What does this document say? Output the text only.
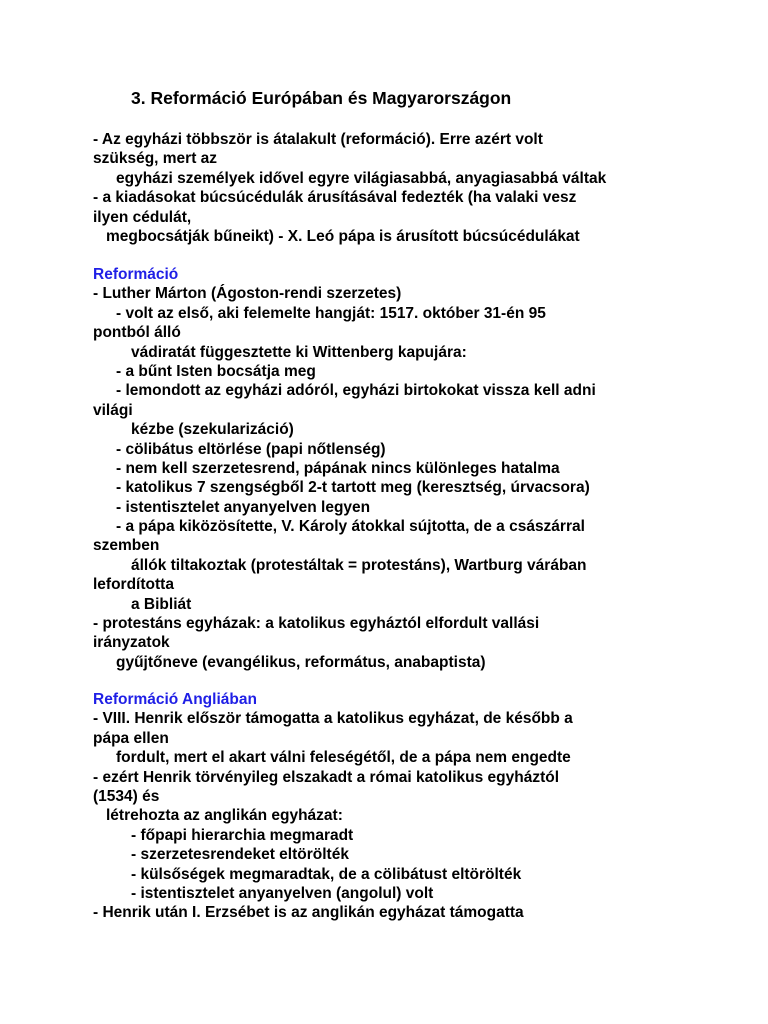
3. Reformáció Európában és Magyarországon
- Az egyházi többször is átalakult (reformáció). Erre azért volt
szükség, mert az
egyházi személyek idővel egyre világiasabbá, anyagiasabbá váltak
- a kiadásokat búcsúcédulák árusításával fedezték (ha valaki vesz
ilyen cédulát,
megbocsátják bűneikt) - X. Leó pápa is árusított búcsúcédulákat
Reformáció
- Luther Márton (Ágoston-rendi szerzetes)
- volt az első, aki felemelte hangját: 1517. október 31-én 95
pontból álló
vádiratát függesztette ki Wittenberg kapujára:
- a bűnt Isten bocsátja meg
- lemondott az egyházi adóról, egyházi birtokokat vissza kell adni
világi
kézbe (szekularizáció)
- cölibátus eltörlése (papi nőtlenség)
- nem kell szerzetesrend, pápának nincs különleges hatalma
- katolikus 7 szengségből 2-t tartott meg (keresztség, úrvacsora)
- istentisztelet anyanyelven legyen
- a pápa kiközösítette, V. Károly átokkal sújtotta, de a császárral
szemben
állók tiltakoztak (protestáltak = protestáns), Wartburg várában
lefordította
a Bibliát
- protestáns egyházak: a katolikus egyháztól elfordult vallási
irányzatok
gyűjtőneve (evangélikus, református, anabaptista)
Reformáció Angliában
- VIII. Henrik először támogatta a katolikus egyházat, de később a
pápa ellen
fordult, mert el akart válni feleségétől, de a pápa nem engedte
- ezért Henrik törvényileg elszakadt a római katolikus egyháztól
(1534) és
létrehozta az anglikán egyházat:
- főpapi hierarchia megmaradt
- szerzetesrendeket eltörölték
- külsőségek megmaradtak, de a cölibátust eltörölték
- istentisztelet anyanyelven (angolul) volt
- Henrik után I. Erzsébet is az anglikán egyházat támogatta
